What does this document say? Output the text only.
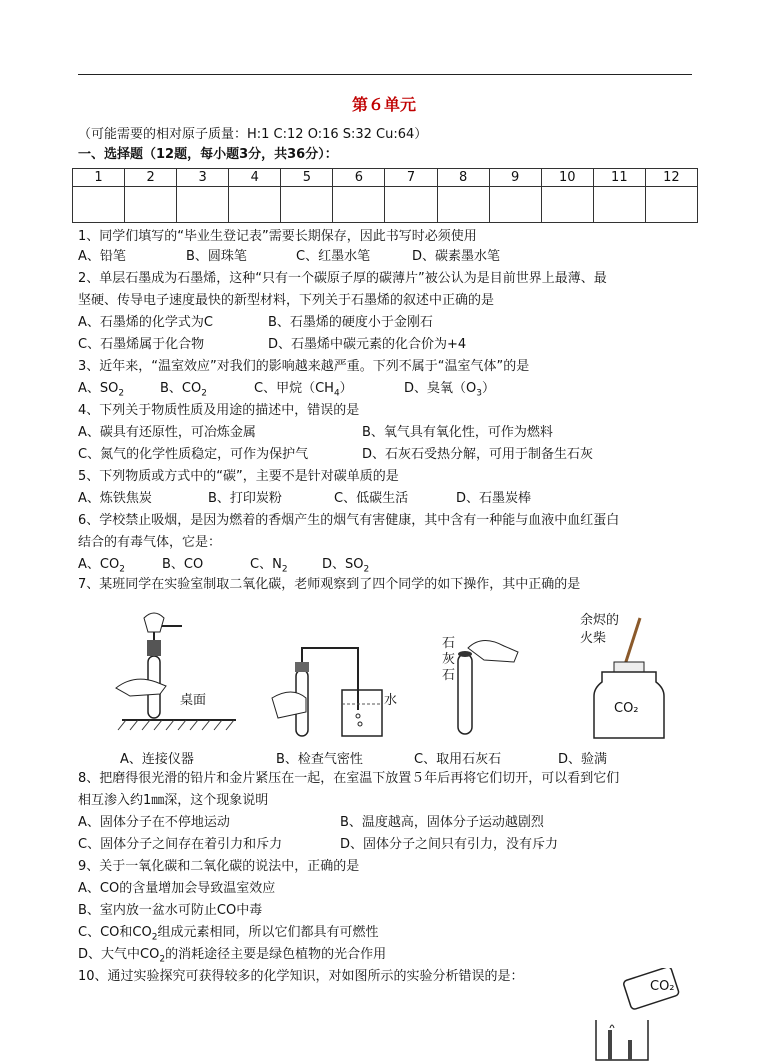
第６单元
（可能需要的相对原子质量：H:1 C:12 O:16 S:32 Cu:64）
一、选择题（12题，每小题3分，共36分）：
1	2	3	4	5	6	7	8	9	10	11	12

1、同学们填写的“毕业生登记表”需要长期保存，因此书写时必须使用
A、铅笔	B、圆珠笔	C、红墨水笔	D、碳素墨水笔
2、单层石墨成为石墨烯，这种“只有一个碳原子厚的碳薄片”被公认为是目前世界上最薄、最
坚硬、传导电子速度最快的新型材料，下列关于石墨烯的叙述中正确的是
A、石墨烯的化学式为C	B、石墨烯的硬度小于金刚石
C、石墨烯属于化合物	D、石墨烯中碳元素的化合价为+4
3、近年来，“温室效应”对我们的影响越来越严重。下列不属于“温室气体”的是
A、$SO_2$	B、$CO_2$	C、甲烷$(CH_4)$	D、臭氧$(O_3)$
4、下列关于物质性质及用途的描述中，错误的是
A、碳具有还原性，可冶炼金属	B、氧气具有氧化性，可作为燃料
C、氮气的化学性质稳定，可作为保护气	D、石灰石受热分解，可用于制备生石灰
5、下列物质或方式中的“碳”，主要不是针对碳单质的是
A、炼铁焦炭	B、打印炭粉	C、低碳生活	D、石墨炭棒
6、学校禁止吸烟，是因为燃着的香烟产生的烟气有害健康，其中含有一种能与血液中血红蛋白
结合的有毒气体，它是：
A、$CO_2$	B、CO	C、$N_2$	D、$SO_2$
7、某班同学在实验室制取二氧化碳，老师观察到了四个同学的如下操作，其中正确的是
桌面	水
石灰石
余烬的
火柴
CO₂
A、连接仪器	B、检查气密性	C、取用石灰石	D、验满
8、把磨得很光滑的铅片和金片紧压在一起，在室温下放置５年后再将它们切开，可以看到它们
相互渗入约1㎜深，这个现象说明
A、固体分子在不停地运动	B、温度越高，固体分子运动越剧烈
C、固体分子之间存在着引力和斥力	D、固体分子之间只有引力，没有斥力
9、关于一氧化碳和二氧化碳的说法中，正确的是
A、CO的含量增加会导致温室效应
B、室内放一盆水可防止CO中毒
C、CO和$CO_2$组成元素相同，所以它们都具有可燃性
D、大气中$CO_2$的消耗途径主要是绿色植物的光合作用
10、通过实验探究可获得较多的化学知识，对如图所示的实验分析错误的是：
CO₂
